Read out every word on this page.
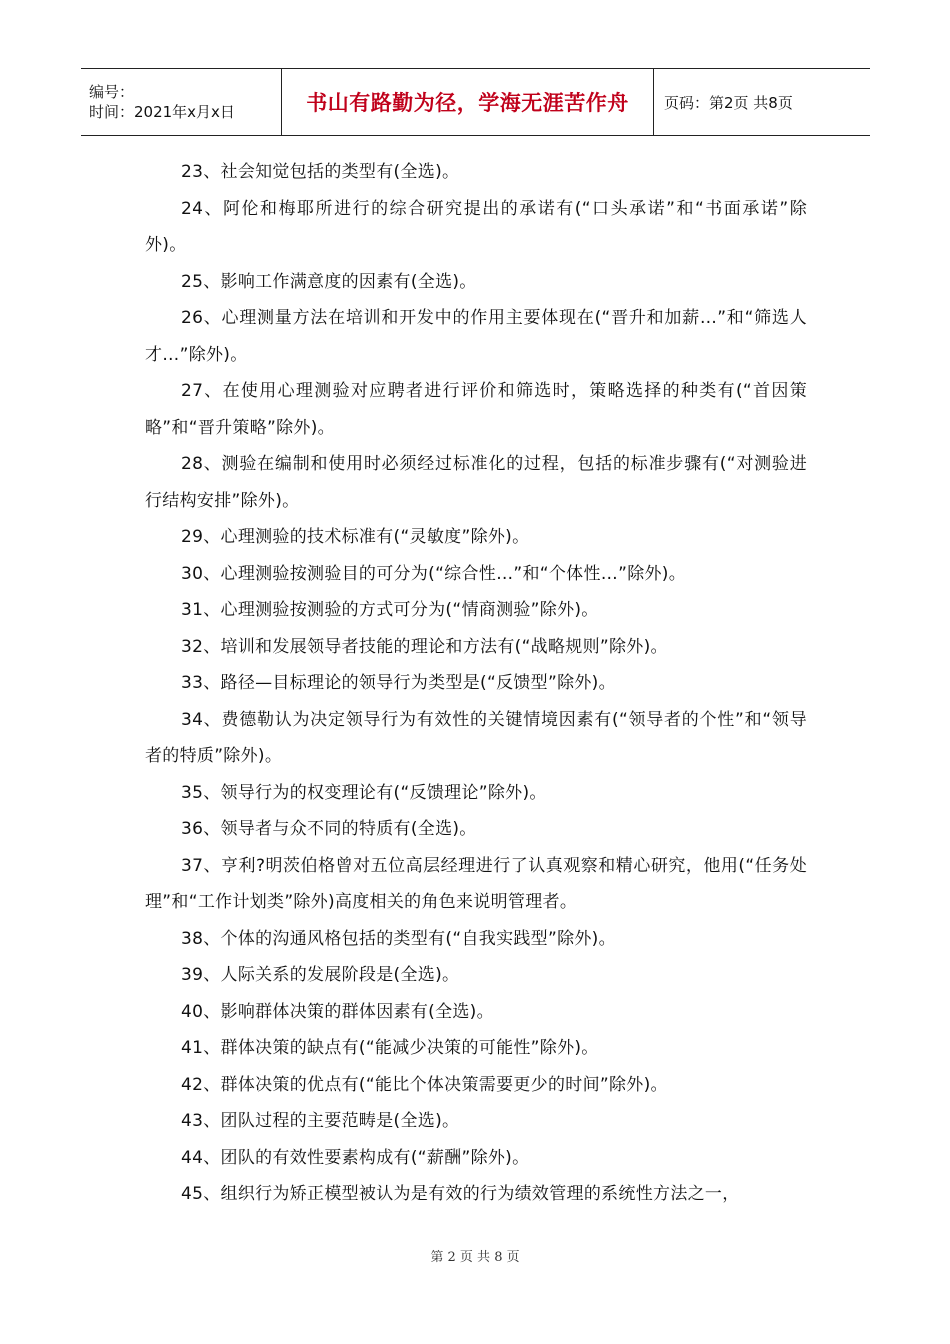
编号：
时间：2021年x月x日	书山有路勤为径，学海无涯苦作舟	页码：第2页 共8页

23、社会知觉包括的类型有(全选)。

24、阿伦和梅耶所进行的综合研究提出的承诺有(“口头承诺”和“书面承诺”除外)。

25、影响工作满意度的因素有(全选)。

26、心理测量方法在培训和开发中的作用主要体现在(“晋升和加薪…”和“筛选人才…”除外)。

27、在使用心理测验对应聘者进行评价和筛选时，策略选择的种类有(“首因策略”和“晋升策略”除外)。

28、测验在编制和使用时必须经过标准化的过程，包括的标准步骤有(“对测验进行结构安排”除外)。

29、心理测验的技术标准有(“灵敏度”除外)。

30、心理测验按测验目的可分为(“综合性…”和“个体性…”除外)。

31、心理测验按测验的方式可分为(“情商测验”除外)。

32、培训和发展领导者技能的理论和方法有(“战略规则”除外)。

33、路径—目标理论的领导行为类型是(“反馈型”除外)。

34、费德勒认为决定领导行为有效性的关键情境因素有(“领导者的个性”和“领导者的特质”除外)。

35、领导行为的权变理论有(“反馈理论”除外)。

36、领导者与众不同的特质有(全选)。

37、亨利?明茨伯格曾对五位高层经理进行了认真观察和精心研究，他用(“任务处理”和“工作计划类”除外)高度相关的角色来说明管理者。

38、个体的沟通风格包括的类型有(“自我实践型”除外)。

39、人际关系的发展阶段是(全选)。

40、影响群体决策的群体因素有(全选)。

41、群体决策的缺点有(“能减少决策的可能性”除外)。

42、群体决策的优点有(“能比个体决策需要更少的时间”除外)。

43、团队过程的主要范畴是(全选)。

44、团队的有效性要素构成有(“薪酬”除外)。

45、组织行为矫正模型被认为是有效的行为绩效管理的系统性方法之一，

第 2 页 共 8 页
